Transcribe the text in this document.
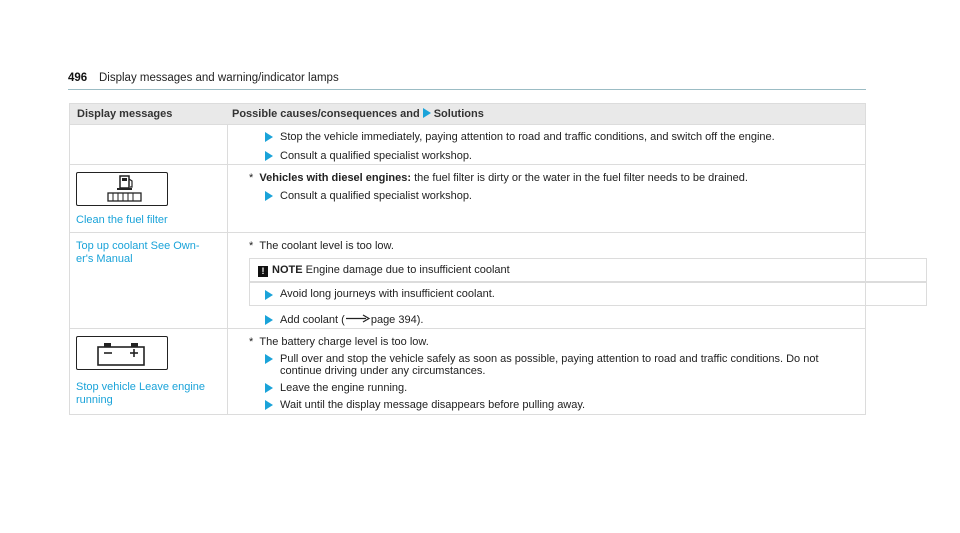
496 Display messages and warning/indicator lamps
Display messages	Possible causes/consequences and Solutions
Stop the vehicle immediately, paying attention to road and traffic conditions, and switch off the engine.
Consult a qualified specialist workshop.
Clean the fuel filter
*  Vehicles with diesel engines: the fuel filter is dirty or the water in the fuel filter needs to be drained.
Consult a qualified specialist workshop.
Top up coolant See Own-
er's Manual
*  The coolant level is too low.
! NOTE Engine damage due to insufficient coolant
Avoid long journeys with insufficient coolant.
Add coolant ( page 394).
Stop vehicle Leave engine
running
*  The battery charge level is too low.
Pull over and stop the vehicle safely as soon as possible, paying attention to road and traffic conditions. Do not
continue driving under any circumstances.
Leave the engine running.
Wait until the display message disappears before pulling away.
